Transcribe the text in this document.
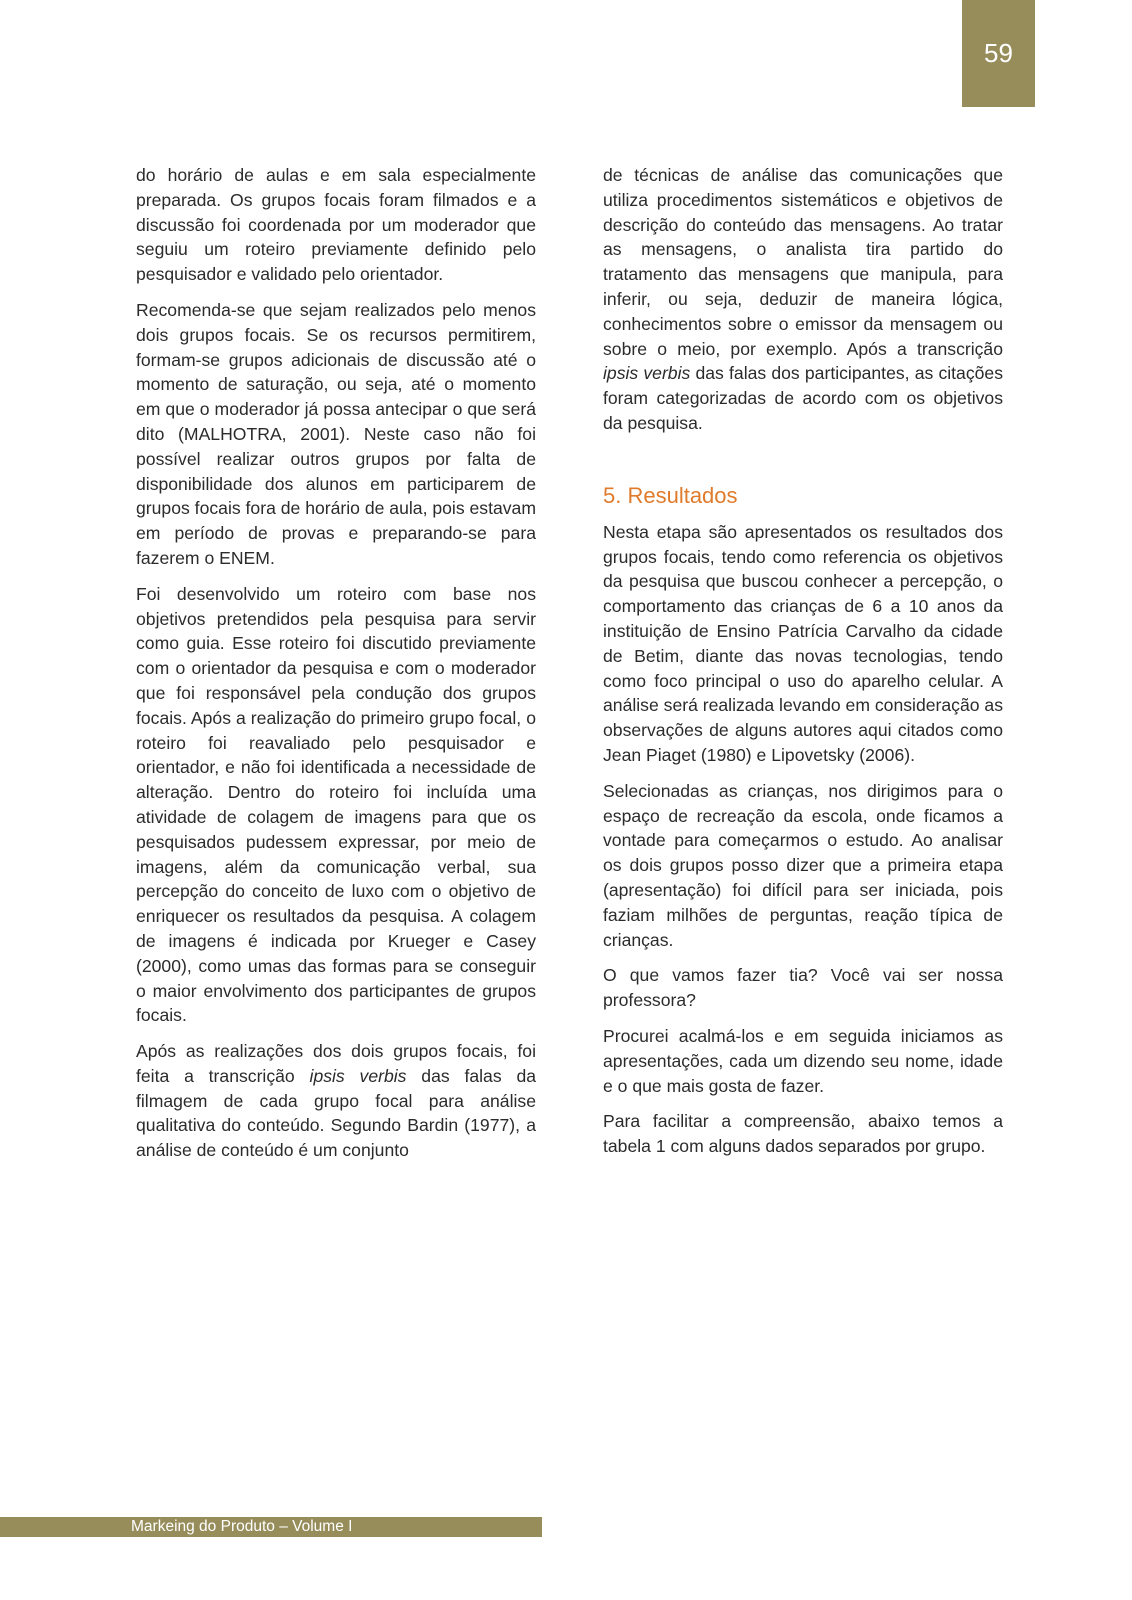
59

do horário de aulas e em sala especialmente preparada. Os grupos focais foram filmados e a discussão foi coordenada por um moderador que seguiu um roteiro previamente definido pelo pesquisador e validado pelo orientador.

Recomenda-se que sejam realizados pelo menos dois grupos focais. Se os recursos permitirem, formam-se grupos adicionais de discussão até o momento de saturação, ou seja, até o momento em que o moderador já possa antecipar o que será dito (MALHOTRA, 2001). Neste caso não foi possível realizar outros grupos por falta de disponibilidade dos alunos em participarem de grupos focais fora de horário de aula, pois estavam em período de provas e preparando-se para fazerem o ENEM.

Foi desenvolvido um roteiro com base nos objetivos pretendidos pela pesquisa para servir como guia. Esse roteiro foi discutido previamente com o orientador da pesquisa e com o moderador que foi responsável pela condução dos grupos focais. Após a realização do primeiro grupo focal, o roteiro foi reavaliado pelo pesquisador e orientador, e não foi identificada a necessidade de alteração. Dentro do roteiro foi incluída uma atividade de colagem de imagens para que os pesquisados pudessem expressar, por meio de imagens, além da comunicação verbal, sua percepção do conceito de luxo com o objetivo de enriquecer os resultados da pesquisa. A colagem de imagens é indicada por Krueger e Casey (2000), como umas das formas para se conseguir o maior envolvimento dos participantes de grupos focais.

Após as realizações dos dois grupos focais, foi feita a transcrição ipsis verbis das falas da filmagem de cada grupo focal para análise qualitativa do conteúdo. Segundo Bardin (1977), a análise de conteúdo é um conjunto

de técnicas de análise das comunicações que utiliza procedimentos sistemáticos e objetivos de descrição do conteúdo das mensagens. Ao tratar as mensagens, o analista tira partido do tratamento das mensagens que manipula, para inferir, ou seja, deduzir de maneira lógica, conhecimentos sobre o emissor da mensagem ou sobre o meio, por exemplo. Após a transcrição ipsis verbis das falas dos participantes, as citações foram categorizadas de acordo com os objetivos da pesquisa.

5. Resultados

Nesta etapa são apresentados os resultados dos grupos focais, tendo como referencia os objetivos da pesquisa que buscou conhecer a percepção, o comportamento das crianças de 6 a 10 anos da instituição de Ensino Patrícia Carvalho da cidade de Betim, diante das novas tecnologias, tendo como foco principal o uso do aparelho celular. A análise será realizada levando em consideração as observações de alguns autores aqui citados como Jean Piaget (1980) e Lipovetsky (2006).

Selecionadas as crianças, nos dirigimos para o espaço de recreação da escola, onde ficamos a vontade para começarmos o estudo. Ao analisar os dois grupos posso dizer que a primeira etapa (apresentação) foi difícil para ser iniciada, pois faziam milhões de perguntas, reação típica de crianças.

O que vamos fazer tia? Você vai ser nossa professora?

Procurei acalmá-los e em seguida iniciamos as apresentações, cada um dizendo seu nome, idade e o que mais gosta de fazer.

Para facilitar a compreensão, abaixo temos a tabela 1 com alguns dados separados por grupo.

Markeing do Produto – Volume I
